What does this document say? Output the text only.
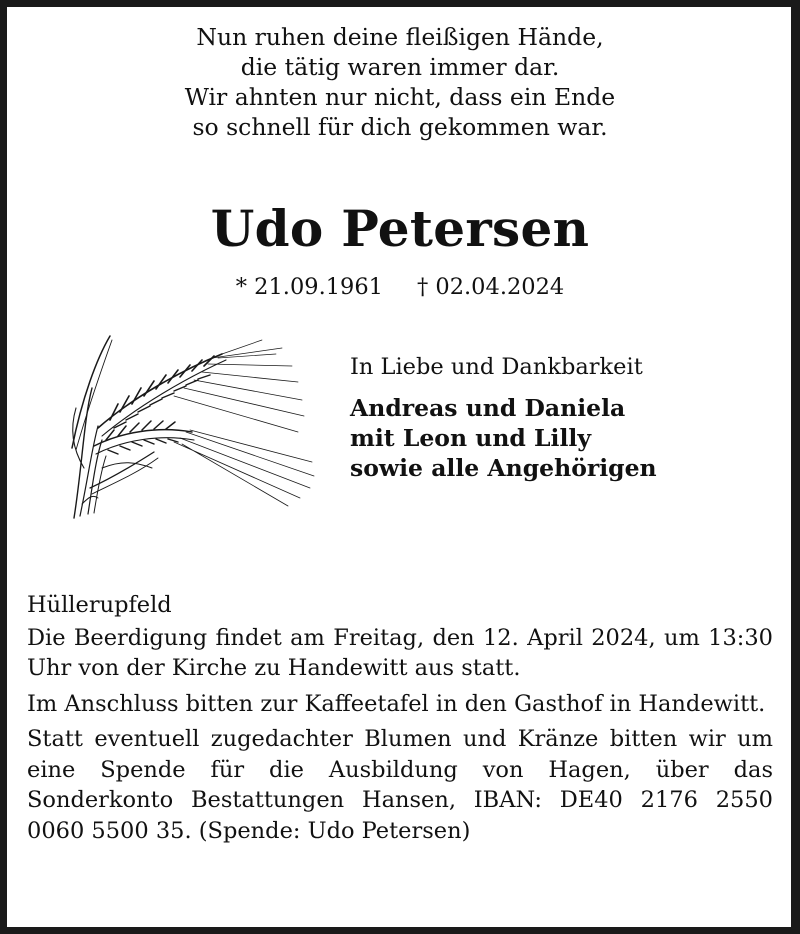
Nun ruhen deine fleißigen Hände,
die tätig waren immer dar.
Wir ahnten nur nicht, dass ein Ende
so schnell für dich gekommen war.
Udo Petersen
* 21.09.1961 † 02.04.2024
In Liebe und Dankbarkeit
Andreas und Daniela
mit Leon und Lilly
sowie alle Angehörigen

Hüllerupfeld

Die Beerdigung findet am Freitag, den 12. April 2024, um 13:30 Uhr von der Kirche zu Handewitt aus statt.

Im Anschluss bitten zur Kaffeetafel in den Gasthof in Handewitt.

Statt eventuell zugedachter Blumen und Kränze bitten wir um eine Spende für die Ausbildung von Hagen, über das Sonderkonto Bestattungen Hansen, IBAN: DE40 2176 2550 0060 5500 35. (Spende: Udo Petersen)
